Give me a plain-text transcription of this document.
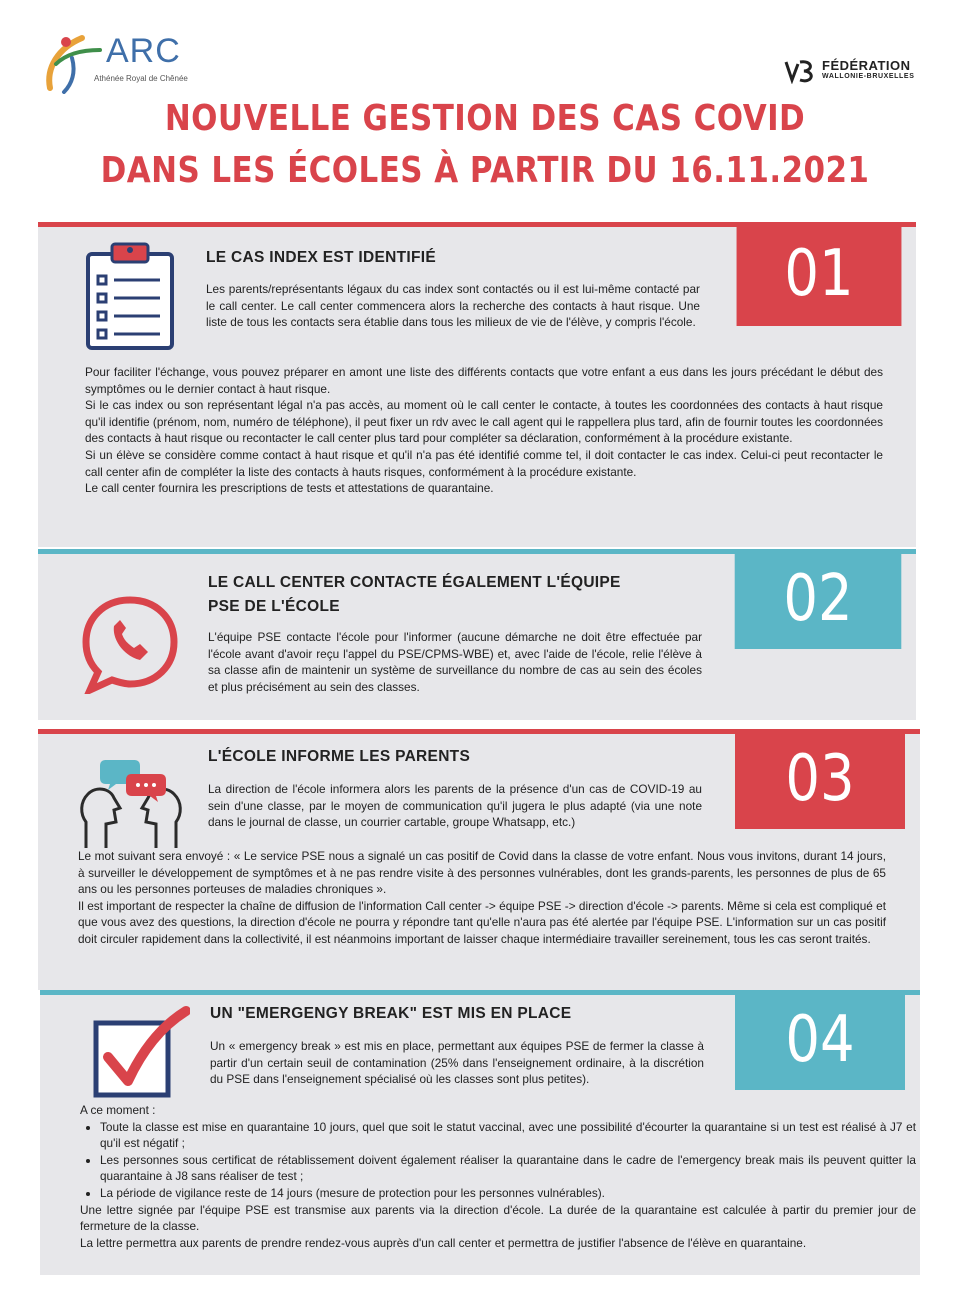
ARC
Athénée Royal de Chênée
FÉDÉRATION
WALLONIE-BRUXELLES
NOUVELLE GESTION DES CAS COVID
DANS LES ÉCOLES À PARTIR DU 16.11.2021
01
LE CAS INDEX EST IDENTIFIÉ
Les parents/représentants légaux du cas index sont contactés ou il est lui-même contacté par le call center. Le call center commencera alors la recherche des contacts à haut risque. Une liste de tous les contacts sera établie dans tous les milieux de vie de l'élève, y compris l'école.

Pour faciliter l'échange, vous pouvez préparer en amont une liste des différents contacts que votre enfant a eus dans les jours précédant le début des symptômes ou le dernier contact à haut risque.

Si le cas index ou son représentant légal n'a pas accès, au moment où le call center le contacte, à toutes les coordonnées des contacts à haut risque qu'il identifie (prénom, nom, numéro de téléphone), il peut fixer un rdv avec le call agent qui le rappellera plus tard, afin de fournir toutes les coordonnées des contacts à haut risque ou recontacter le call center plus tard pour compléter sa déclaration, conformément à la procédure existante.

Si un élève se considère comme contact à haut risque et qu'il n'a pas été identifié comme tel, il doit contacter le cas index. Celui-ci peut recontacter le call center afin de compléter la liste des contacts à hauts risques, conformément à la procédure existante.

Le call center fournira les prescriptions de tests et attestations de quarantaine.

02
LE CALL CENTER CONTACTE ÉGALEMENT L'ÉQUIPE
PSE DE L'ÉCOLE
L'équipe PSE contacte l'école pour l'informer (aucune démarche ne doit être effectuée par l'école avant d'avoir reçu l'appel du PSE/CPMS-WBE) et, avec l'aide de l'école, relie l'élève à sa classe afin de maintenir un système de surveillance du nombre de cas au sein des écoles et plus précisément au sein des classes.
03
L'ÉCOLE INFORME LES PARENTS
La direction de l'école informera alors les parents de la présence d'un cas de COVID-19 au sein d'une classe, par le moyen de communication qu'il jugera le plus adapté (via une note dans le journal de classe, un courrier cartable, groupe Whatsapp, etc.)

Le mot suivant sera envoyé : « Le service PSE nous a signalé un cas positif de Covid dans la classe de votre enfant. Nous vous invitons, durant 14 jours, à surveiller le développement de symptômes et à ne pas rendre visite à des personnes vulnérables, dont les grands-parents, les personnes de plus de 65 ans ou les personnes porteuses de maladies chroniques ».

Il est important de respecter la chaîne de diffusion de l'information Call center -> équipe PSE -> direction d'école -> parents. Même si cela est compliqué et que vous avez des questions, la direction d'école ne pourra y répondre tant qu'elle n'aura pas été alertée par l'équipe PSE. L'information sur un cas positif doit circuler rapidement dans la collectivité, il est néanmoins important de laisser chaque intermédiaire travailler sereinement, tous les cas seront traités.

04
UN "EMERGENGY BREAK" EST MIS EN PLACE
Un « emergency break » est mis en place, permettant aux équipes PSE de fermer la classe à partir d'un certain seuil de contamination (25% dans l'enseignement ordinaire, à la discrétion du PSE dans l'enseignement spécialisé où les classes sont plus petites).

A ce moment :

• Toute la classe est mise en quarantaine 10 jours, quel que soit le statut vaccinal, avec une possibilité d'écourter la quarantaine si un test est réalisé à J7 et qu'il est négatif ;
• Les personnes sous certificat de rétablissement doivent également réaliser la quarantaine dans le cadre de l'emergency break mais ils peuvent quitter la quarantaine à J8 sans réaliser de test ;
• La période de vigilance reste de 14 jours (mesure de protection pour les personnes vulnérables).

Une lettre signée par l'équipe PSE est transmise aux parents via la direction d'école. La durée de la quarantaine est calculée à partir du premier jour de fermeture de la classe.

La lettre permettra aux parents de prendre rendez-vous auprès d'un call center et permettra de justifier l'absence de l'élève en quarantaine.
